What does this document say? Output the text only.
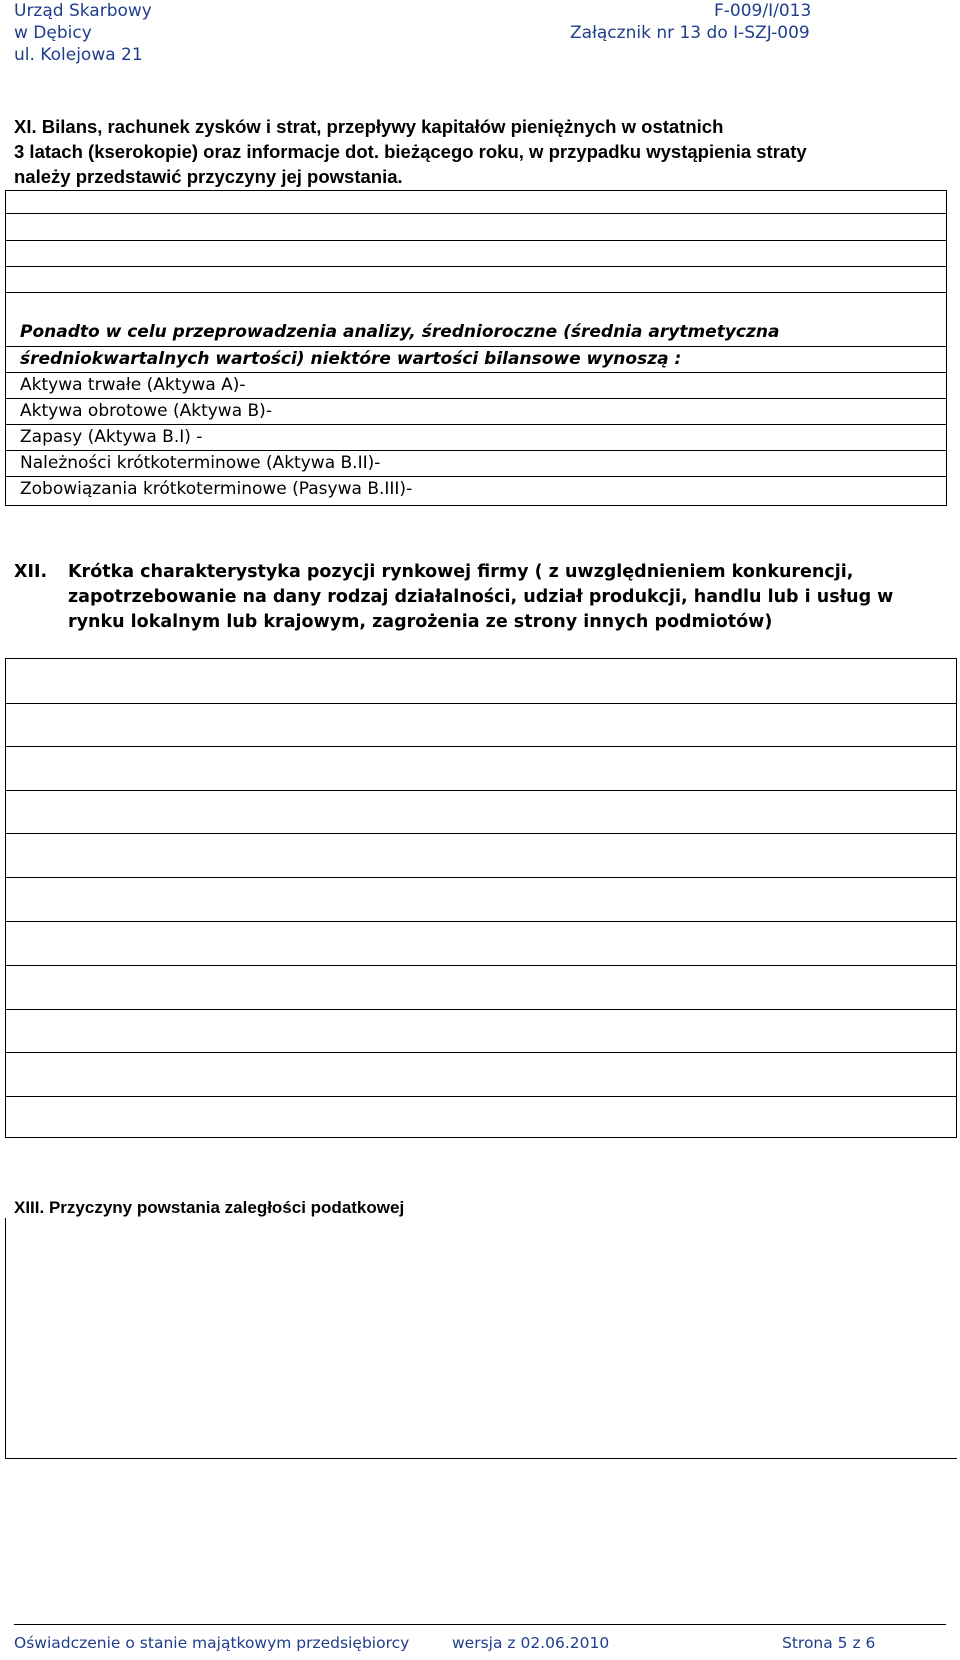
Urząd Skarbowy
w Dębicy
ul. Kolejowa 21
F-009/I/013
Załącznik nr 13 do I-SZJ-009
XI. Bilans, rachunek zysków i strat, przepływy kapitałów pieniężnych w ostatnich
3 latach (kserokopie) oraz informacje dot. bieżącego roku, w przypadku wystąpienia straty
należy przedstawić przyczyny jej powstania.
Ponadto w celu przeprowadzenia analizy, średnioroczne (średnia arytmetyczna
średniokwartalnych wartości) niektóre wartości bilansowe wynoszą :
Aktywa trwałe (Aktywa A)-
Aktywa obrotowe (Aktywa B)-
Zapasy (Aktywa B.I) -
Należności krótkoterminowe (Aktywa B.II)-
Zobowiązania krótkoterminowe (Pasywa B.III)-
XII. Krótka charakterystyka pozycji rynkowej firmy ( z uwzględnieniem konkurencji,
zapotrzebowanie na dany rodzaj działalności, udział produkcji, handlu lub i usług w
rynku lokalnym lub krajowym, zagrożenia ze strony innych podmiotów)
XIII. Przyczyny powstania zaległości podatkowej
Oświadczenie o stanie majątkowym przedsiębiorcy	wersja z 02.06.2010	Strona 5 z 6
